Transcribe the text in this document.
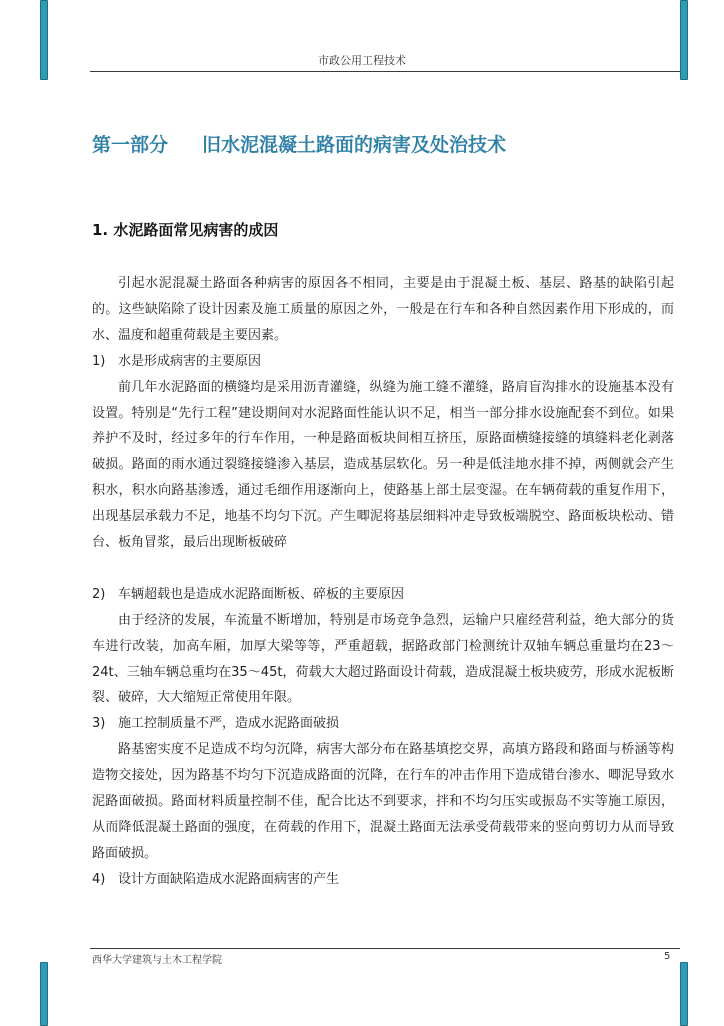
市政公用工程技术
第一部分 旧水泥混凝土路面的病害及处治技术
1. 水泥路面常见病害的成因

引起水泥混凝土路面各种病害的原因各不相同，主要是由于混凝土板、基层、路基的缺陷引起的。这些缺陷除了设计因素及施工质量的原因之外，一般是在行车和各种自然因素作用下形成的，而水、温度和超重荷载是主要因素。

1) 水是形成病害的主要原因

前几年水泥路面的横缝均是采用沥青灌缝，纵缝为施工缝不灌缝，路肩盲沟排水的设施基本没有设置。特别是“先行工程”建设期间对水泥路面性能认识不足，相当一部分排水设施配套不到位。如果养护不及时，经过多年的行车作用，一种是路面板块间相互挤压，原路面横缝接缝的填缝料老化剥落破损。路面的雨水通过裂缝接缝渗入基层，造成基层软化。另一种是低洼地水排不掉，两侧就会产生积水，积水向路基渗透，通过毛细作用逐渐向上，使路基上部土层变湿。在车辆荷载的重复作用下，出现基层承载力不足，地基不均匀下沉。产生唧泥将基层细料冲走导致板端脱空、路面板块松动、错台、板角冒浆，最后出现断板破碎

2) 车辆超载也是造成水泥路面断板、碎板的主要原因

由于经济的发展，车流量不断增加，特别是市场竞争急烈，运输户只雇经营利益，绝大部分的货车进行改装，加高车厢，加厚大梁等等，严重超载，据路政部门检测统计双轴车辆总重量均在23～24t、三轴车辆总重均在35～45t，荷载大大超过路面设计荷载，造成混凝土板块疲劳，形成水泥板断裂、破碎，大大缩短正常使用年限。

3) 施工控制质量不严，造成水泥路面破损

路基密实度不足造成不均匀沉降，病害大部分布在路基填挖交界，高填方路段和路面与桥涵等构造物交接处，因为路基不均匀下沉造成路面的沉降，在行车的冲击作用下造成错台渗水、唧泥导致水泥路面破损。路面材料质量控制不佳，配合比达不到要求，拌和不均匀压实或振岛不实等施工原因，从而降低混凝土路面的强度，在荷载的作用下，混凝土路面无法承受荷载带来的竖向剪切力从而导致路面破损。

4) 设计方面缺陷造成水泥路面病害的产生
西华大学建筑与土木工程学院	5
